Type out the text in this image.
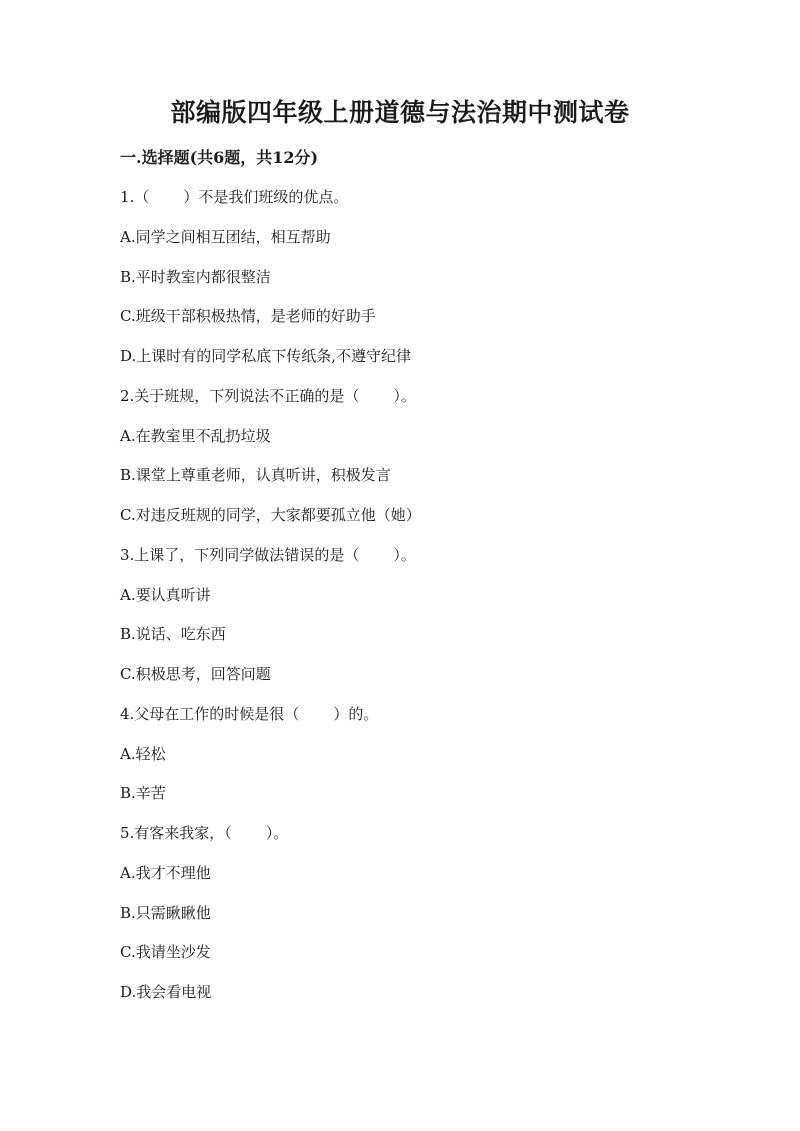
部编版四年级上册道德与法治期中测试卷
一.选择题(共6题，共12分)
1.（ ）不是我们班级的优点。
A.同学之间相互团结，相互帮助
B.平时教室内都很整洁
C.班级干部积极热情，是老师的好助手
D.上课时有的同学私底下传纸条,不遵守纪律
2.关于班规，下列说法不正确的是（ ）。
A.在教室里不乱扔垃圾
B.课堂上尊重老师，认真听讲，积极发言
C.对违反班规的同学，大家都要孤立他（她）
3.上课了，下列同学做法错误的是（ ）。
A.要认真听讲
B.说话、吃东西
C.积极思考，回答问题
4.父母在工作的时候是很（ ）的。
A.轻松
B.辛苦
5.有客来我家，（ ）。
A.我才不理他
B.只需瞅瞅他
C.我请坐沙发
D.我会看电视
